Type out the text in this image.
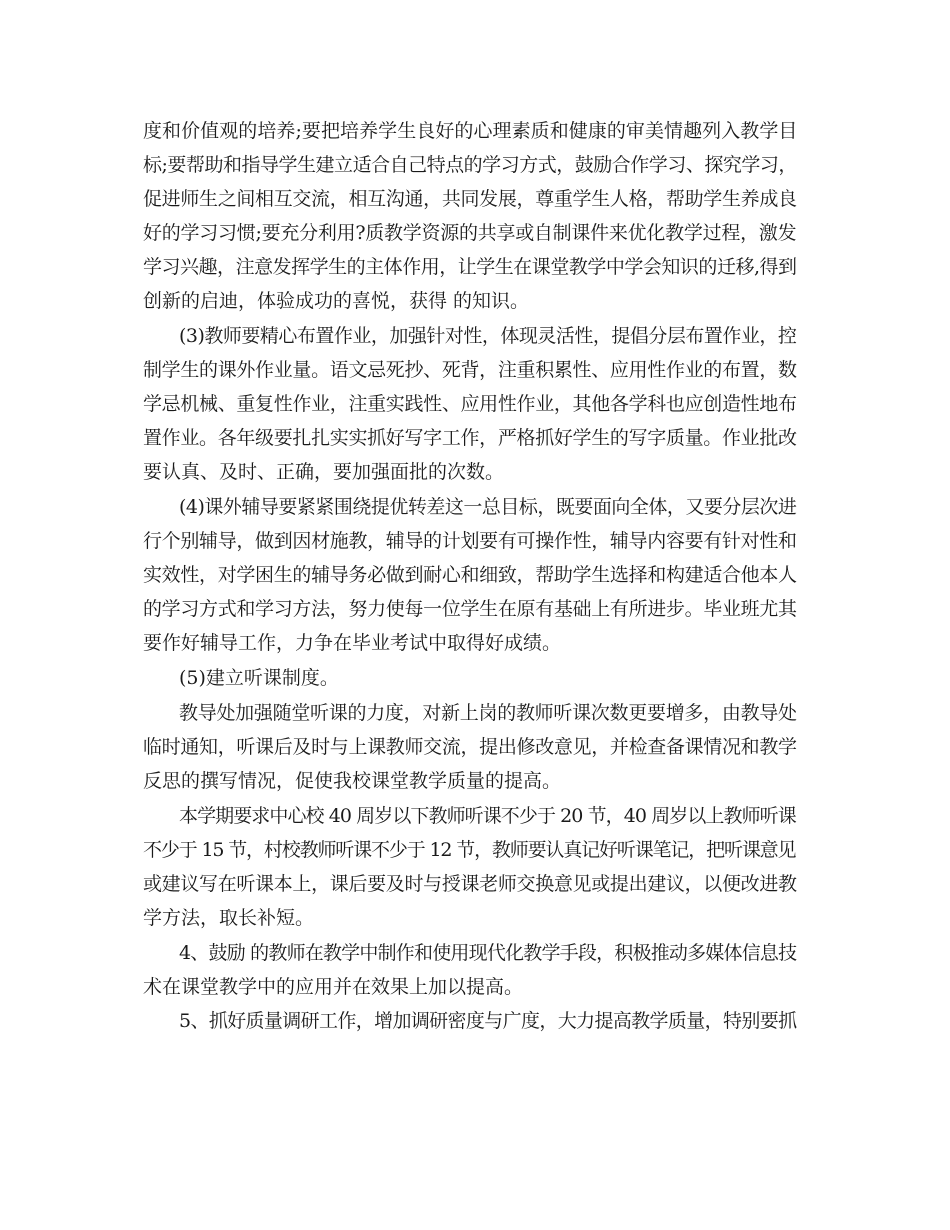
度和价值观的培养;要把培养学生良好的心理素质和健康的审美情趣列入教学目
标;要帮助和指导学生建立适合自己特点的学习方式，鼓励合作学习、探究学习，
促进师生之间相互交流，相互沟通，共同发展，尊重学生人格，帮助学生养成良
好的学习习惯;要充分利用?质教学资源的共享或自制课件来优化教学过程，激发
学习兴趣，注意发挥学生的主体作用，让学生在课堂教学中学会知识的迁移,得到
创新的启迪，体验成功的喜悦，获得 的知识。
(3)教师要精心布置作业，加强针对性，体现灵活性，提倡分层布置作业，控
制学生的课外作业量。语文忌死抄、死背，注重积累性、应用性作业的布置，数
学忌机械、重复性作业，注重实践性、应用性作业，其他各学科也应创造性地布
置作业。各年级要扎扎实实抓好写字工作，严格抓好学生的写字质量。作业批改
要认真、及时、正确，要加强面批的次数。
(4)课外辅导要紧紧围绕提优转差这一总目标，既要面向全体，又要分层次进
行个别辅导，做到因材施教，辅导的计划要有可操作性，辅导内容要有针对性和
实效性，对学困生的辅导务必做到耐心和细致，帮助学生选择和构建适合他本人
的学习方式和学习方法，努力使每一位学生在原有基础上有所进步。毕业班尤其
要作好辅导工作，力争在毕业考试中取得好成绩。
(5)建立听课制度。
教导处加强随堂听课的力度，对新上岗的教师听课次数更要增多，由教导处
临时通知，听课后及时与上课教师交流，提出修改意见，并检查备课情况和教学
反思的撰写情况，促使我校课堂教学质量的提高。
本学期要求中心校 40 周岁以下教师听课不少于 20 节，40 周岁以上教师听课
不少于 15 节，村校教师听课不少于 12 节，教师要认真记好听课笔记，把听课意见
或建议写在听课本上，课后要及时与授课老师交换意见或提出建议，以便改进教
学方法，取长补短。
4、鼓励 的教师在教学中制作和使用现代化教学手段，积极推动多媒体信息技
术在课堂教学中的应用并在效果上加以提高。
5、抓好质量调研工作，增加调研密度与广度，大力提高教学质量，特别要抓
